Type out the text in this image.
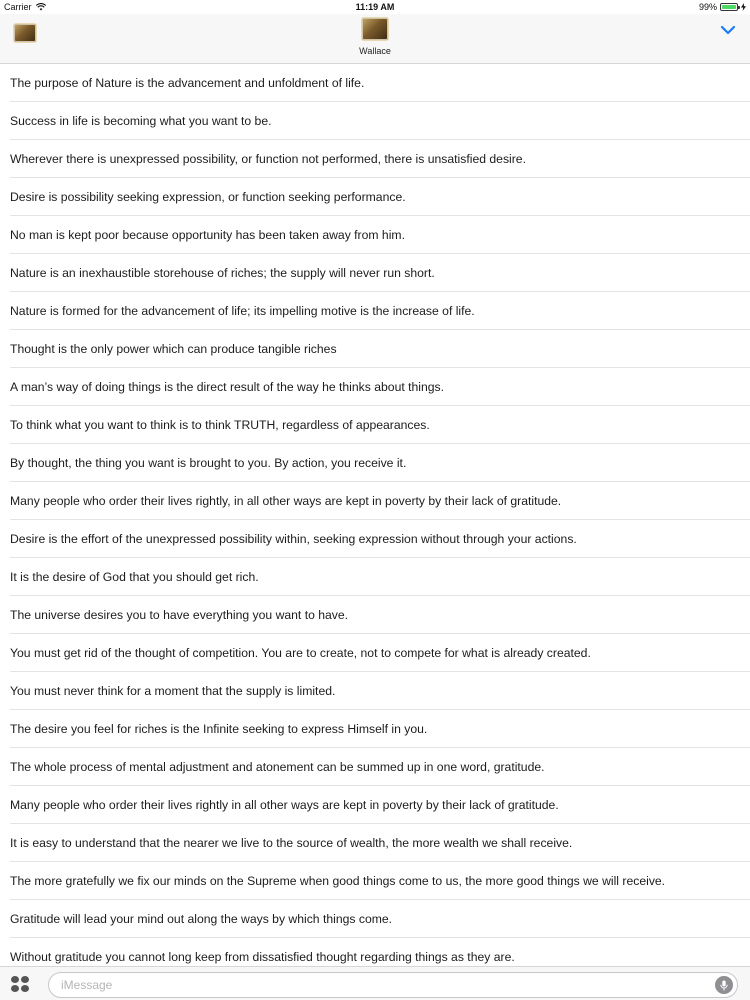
Carrier	11:19 AM	99%
Wallace
The purpose of Nature is the advancement and unfoldment of life.
Success in life is becoming what you want to be.
Wherever there is unexpressed possibility, or function not performed, there is unsatisfied desire.
Desire is possibility seeking expression, or function seeking performance.
No man is kept poor because opportunity has been taken away from him.
Nature is an inexhaustible storehouse of riches; the supply will never run short.
Nature is formed for the advancement of life; its impelling motive is the increase of life.
Thought is the only power which can produce tangible riches
A man’s way of doing things is the direct result of the way he thinks about things.
To think what you want to think is to think TRUTH, regardless of appearances.
By thought, the thing you want is brought to you. By action, you receive it.
Many people who order their lives rightly, in all other ways are kept in poverty by their lack of gratitude.
Desire is the effort of the unexpressed possibility within, seeking expression without through your actions.
It is the desire of God that you should get rich.
The universe desires you to have everything you want to have.
You must get rid of the thought of competition. You are to create, not to compete for what is already created.
You must never think for a moment that the supply is limited.
The desire you feel for riches is the Infinite seeking to express Himself in you.
The whole process of mental adjustment and atonement can be summed up in one word, gratitude.
Many people who order their lives rightly in all other ways are kept in poverty by their lack of gratitude.
It is easy to understand that the nearer we live to the source of wealth, the more wealth we shall receive.
The more gratefully we fix our minds on the Supreme when good things come to us, the more good things we will receive.
Gratitude will lead your mind out along the ways by which things come.
Without gratitude you cannot long keep from dissatisfied thought regarding things as they are.
iMessage
